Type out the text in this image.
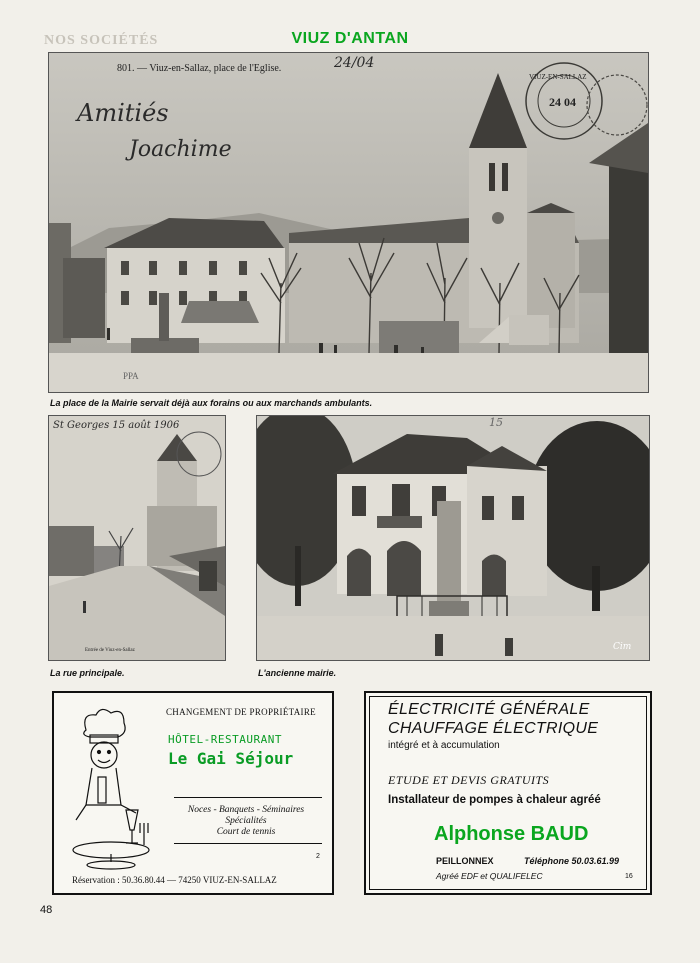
NOS SOCIÉTÉS	VIUZ D'ANTAN
801. — Viuz-en-Sallaz, place de l'Eglise.	24/04
Amitiés
Joachime
VIUZ-EN-SALLAZ
24 04
PPA
La place de la Mairie servait déjà aux forains ou aux marchands ambulants.
St Georges 15 août 1906
Entrée de Viuz-en-Sallaz
La rue principale.
15
Cim
L'ancienne mairie.
CHANGEMENT DE PROPRIÉTAIRE
HÔTEL-RESTAURANT
Le Gai Séjour
Noces - Banquets - Séminaires
Spécialités
Court de tennis
2
Réservation : 50.36.80.44 — 74250 VIUZ-EN-SALLAZ
ÉLECTRICITÉ GÉNÉRALE
CHAUFFAGE ÉLECTRIQUE
intégré et à accumulation
ETUDE ET DEVIS GRATUITS
Installateur de pompes à chaleur agréé
Alphonse BAUD
PEILLONNEX	Téléphone 50.03.61.99
Agréé EDF et QUALIFELEC	16
48
